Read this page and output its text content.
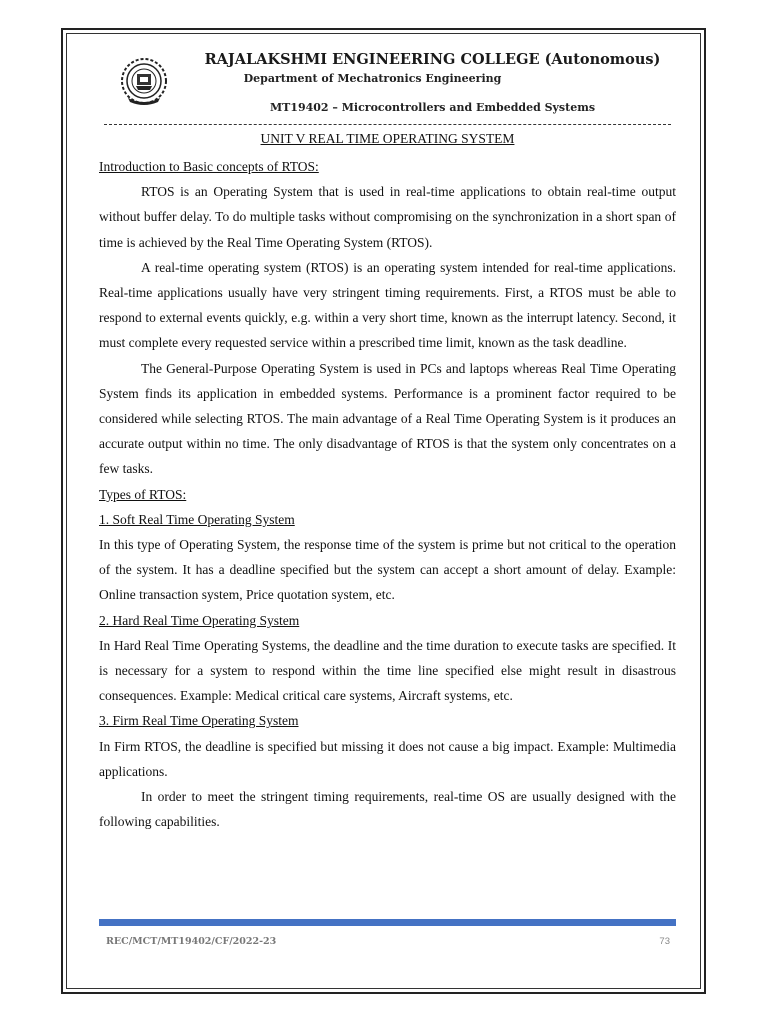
RAJALAKSHMI ENGINEERING COLLEGE (Autonomous)
Department of Mechatronics Engineering
MT19402 – Microcontrollers and Embedded Systems
UNIT V REAL TIME OPERATING SYSTEM

Introduction to Basic concepts of RTOS:

RTOS is an Operating System that is used in real-time applications to obtain real-time output without buffer delay. To do multiple tasks without compromising on the synchronization in a short span of time is achieved by the Real Time Operating System (RTOS).

A real-time operating system (RTOS) is an operating system intended for real-time applications. Real-time applications usually have very stringent timing requirements. First, a RTOS must be able to respond to external events quickly, e.g. within a very short time, known as the interrupt latency. Second, it must complete every requested service within a prescribed time limit, known as the task deadline.

The General-Purpose Operating System is used in PCs and laptops whereas Real Time Operating System finds its application in embedded systems. Performance is a prominent factor required to be considered while selecting RTOS. The main advantage of a Real Time Operating System is it produces an accurate output within no time. The only disadvantage of RTOS is that the system only concentrates on a few tasks.

Types of RTOS:

1. Soft Real Time Operating System

In this type of Operating System, the response time of the system is prime but not critical to the operation of the system. It has a deadline specified but the system can accept a short amount of delay. Example: Online transaction system, Price quotation system, etc.

2. Hard Real Time Operating System

In Hard Real Time Operating Systems, the deadline and the time duration to execute tasks are specified. It is necessary for a system to respond within the time line specified else might result in disastrous consequences. Example: Medical critical care systems, Aircraft systems, etc.

3. Firm Real Time Operating System

In Firm RTOS, the deadline is specified but missing it does not cause a big impact. Example: Multimedia applications.

In order to meet the stringent timing requirements, real-time OS are usually designed with the following capabilities.

REC/MCT/MT19402/CF/2022-23	73
